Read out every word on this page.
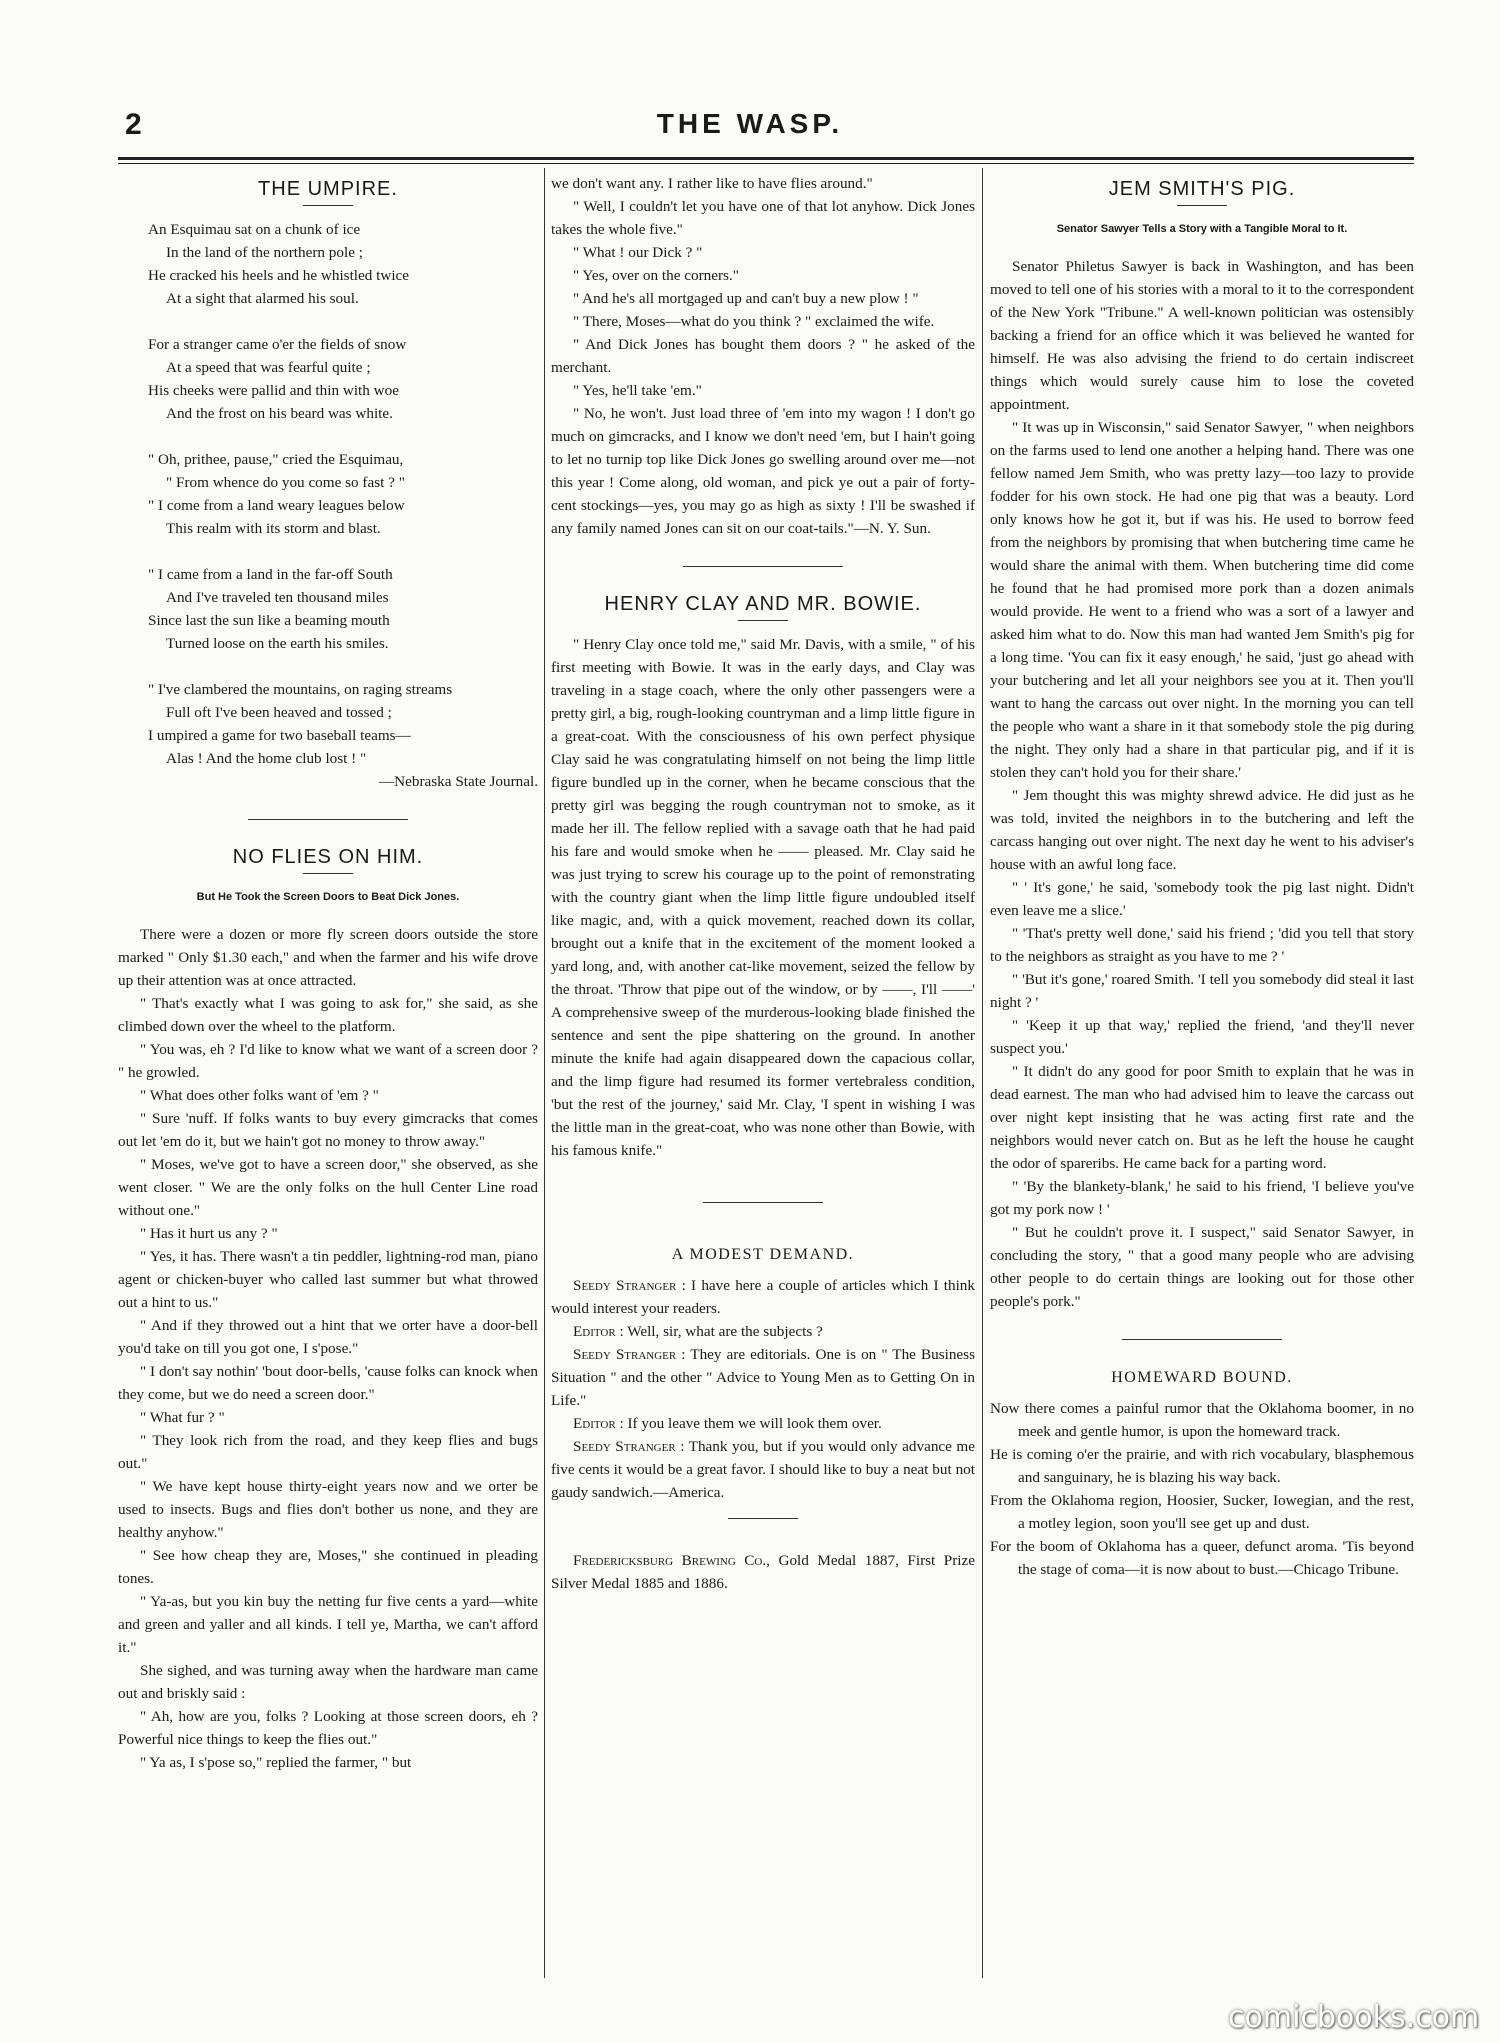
2	THE WASP.
THE UMPIRE.
An Esquimau sat on a chunk of ice
In the land of the northern pole ;
He cracked his heels and he whistled twice
At a sight that alarmed his soul.
For a stranger came o'er the fields of snow
At a speed that was fearful quite ;
His cheeks were pallid and thin with woe
And the frost on his beard was white.
" Oh, prithee, pause," cried the Esquimau,
" From whence do you come so fast ? "
" I come from a land weary leagues below
This realm with its storm and blast.
" I came from a land in the far-off South
And I've traveled ten thousand miles
Since last the sun like a beaming mouth
Turned loose on the earth his smiles.
" I've clambered the mountains, on raging streams
Full oft I've been heaved and tossed ;
I umpired a game for two baseball teams—
Alas ! And the home club lost ! "
—Nebraska State Journal.
NO FLIES ON HIM.
But He Took the Screen Doors to Beat Dick Jones.

There were a dozen or more fly screen doors outside the store marked " Only $1.30 each," and when the farmer and his wife drove up their attention was at once attracted.

" That's exactly what I was going to ask for," she said, as she climbed down over the wheel to the platform.

" You was, eh ? I'd like to know what we want of a screen door ? " he growled.

" What does other folks want of 'em ? "

" Sure 'nuff. If folks wants to buy every gimcracks that comes out let 'em do it, but we hain't got no money to throw away."

" Moses, we've got to have a screen door," she observed, as she went closer. " We are the only folks on the hull Center Line road without one."

" Has it hurt us any ? "

" Yes, it has. There wasn't a tin peddler, lightning-rod man, piano agent or chicken-buyer who called last summer but what throwed out a hint to us."

" And if they throwed out a hint that we orter have a door-bell you'd take on till you got one, I s'pose."

" I don't say nothin' 'bout door-bells, 'cause folks can knock when they come, but we do need a screen door."

" What fur ? "

" They look rich from the road, and they keep flies and bugs out."

" We have kept house thirty-eight years now and we orter be used to insects. Bugs and flies don't bother us none, and they are healthy anyhow."

" See how cheap they are, Moses," she continued in pleading tones.

" Ya-as, but you kin buy the netting fur five cents a yard—white and green and yaller and all kinds. I tell ye, Martha, we can't afford it."

She sighed, and was turning away when the hardware man came out and briskly said :

" Ah, how are you, folks ? Looking at those screen doors, eh ? Powerful nice things to keep the flies out."

" Ya as, I s'pose so," replied the farmer, " but

we don't want any. I rather like to have flies around."

" Well, I couldn't let you have one of that lot anyhow. Dick Jones takes the whole five."

" What ! our Dick ? "

" Yes, over on the corners."

" And he's all mortgaged up and can't buy a new plow ! "

" There, Moses—what do you think ? " exclaimed the wife.

" And Dick Jones has bought them doors ? " he asked of the merchant.

" Yes, he'll take 'em."

" No, he won't. Just load three of 'em into my wagon ! I don't go much on gimcracks, and I know we don't need 'em, but I hain't going to let no turnip top like Dick Jones go swelling around over me—not this year ! Come along, old woman, and pick ye out a pair of forty-cent stockings—yes, you may go as high as sixty ! I'll be swashed if any family named Jones can sit on our coat-tails."—N. Y. Sun.

HENRY CLAY AND MR. BOWIE.

" Henry Clay once told me," said Mr. Davis, with a smile, " of his first meeting with Bowie. It was in the early days, and Clay was traveling in a stage coach, where the only other passengers were a pretty girl, a big, rough-looking countryman and a limp little figure in a great-coat. With the consciousness of his own perfect physique Clay said he was congratulating himself on not being the limp little figure bundled up in the corner, when he became conscious that the pretty girl was begging the rough countryman not to smoke, as it made her ill. The fellow replied with a savage oath that he had paid his fare and would smoke when he —— pleased. Mr. Clay said he was just trying to screw his courage up to the point of remonstrating with the country giant when the limp little figure undoubled itself like magic, and, with a quick movement, reached down its collar, brought out a knife that in the excitement of the moment looked a yard long, and, with another cat-like movement, seized the fellow by the throat. 'Throw that pipe out of the window, or by ——, I'll ——' A comprehensive sweep of the murderous-looking blade finished the sentence and sent the pipe shattering on the ground. In another minute the knife had again disappeared down the capacious collar, and the limp figure had resumed its former vertebraless condition, 'but the rest of the journey,' said Mr. Clay, 'I spent in wishing I was the little man in the great-coat, who was none other than Bowie, with his famous knife."

A MODEST DEMAND.

Seedy Stranger : I have here a couple of articles which I think would interest your readers.

Editor : Well, sir, what are the subjects ?

Seedy Stranger : They are editorials. One is on " The Business Situation " and the other " Advice to Young Men as to Getting On in Life."

Editor : If you leave them we will look them over.

Seedy Stranger : Thank you, but if you would only advance me five cents it would be a great favor. I should like to buy a neat but not gaudy sandwich.—America.

Fredericksburg Brewing Co., Gold Medal 1887, First Prize Silver Medal 1885 and 1886.

JEM SMITH'S PIG.
Senator Sawyer Tells a Story with a Tangible Moral to It.

Senator Philetus Sawyer is back in Washington, and has been moved to tell one of his stories with a moral to it to the correspondent of the New York "Tribune." A well-known politician was ostensibly backing a friend for an office which it was believed he wanted for himself. He was also advising the friend to do certain indiscreet things which would surely cause him to lose the coveted appointment.

" It was up in Wisconsin," said Senator Sawyer, " when neighbors on the farms used to lend one another a helping hand. There was one fellow named Jem Smith, who was pretty lazy—too lazy to provide fodder for his own stock. He had one pig that was a beauty. Lord only knows how he got it, but if was his. He used to borrow feed from the neighbors by promising that when butchering time came he would share the animal with them. When butchering time did come he found that he had promised more pork than a dozen animals would provide. He went to a friend who was a sort of a lawyer and asked him what to do. Now this man had wanted Jem Smith's pig for a long time. 'You can fix it easy enough,' he said, 'just go ahead with your butchering and let all your neighbors see you at it. Then you'll want to hang the carcass out over night. In the morning you can tell the people who want a share in it that somebody stole the pig during the night. They only had a share in that particular pig, and if it is stolen they can't hold you for their share.'

" Jem thought this was mighty shrewd advice. He did just as he was told, invited the neighbors in to the butchering and left the carcass hanging out over night. The next day he went to his adviser's house with an awful long face.

" ' It's gone,' he said, 'somebody took the pig last night. Didn't even leave me a slice.'

" 'That's pretty well done,' said his friend ; 'did you tell that story to the neighbors as straight as you have to me ? '

" 'But it's gone,' roared Smith. 'I tell you somebody did steal it last night ? '

" 'Keep it up that way,' replied the friend, 'and they'll never suspect you.'

" It didn't do any good for poor Smith to explain that he was in dead earnest. The man who had advised him to leave the carcass out over night kept insisting that he was acting first rate and the neighbors would never catch on. But as he left the house he caught the odor of spareribs. He came back for a parting word.

" 'By the blankety-blank,' he said to his friend, 'I believe you've got my pork now ! '

" But he couldn't prove it. I suspect," said Senator Sawyer, in concluding the story, " that a good many people who are advising other people to do certain things are looking out for those other people's pork."

HOMEWARD BOUND.

Now there comes a painful rumor that the Oklahoma boomer, in no meek and gentle humor, is upon the homeward track.

He is coming o'er the prairie, and with rich vocabulary, blasphemous and sanguinary, he is blazing his way back.

From the Oklahoma region, Hoosier, Sucker, Iowegian, and the rest, a motley legion, soon you'll see get up and dust.

For the boom of Oklahoma has a queer, defunct aroma. 'Tis beyond the stage of coma—it is now about to bust.—Chicago Tribune.

comicbooks.com
